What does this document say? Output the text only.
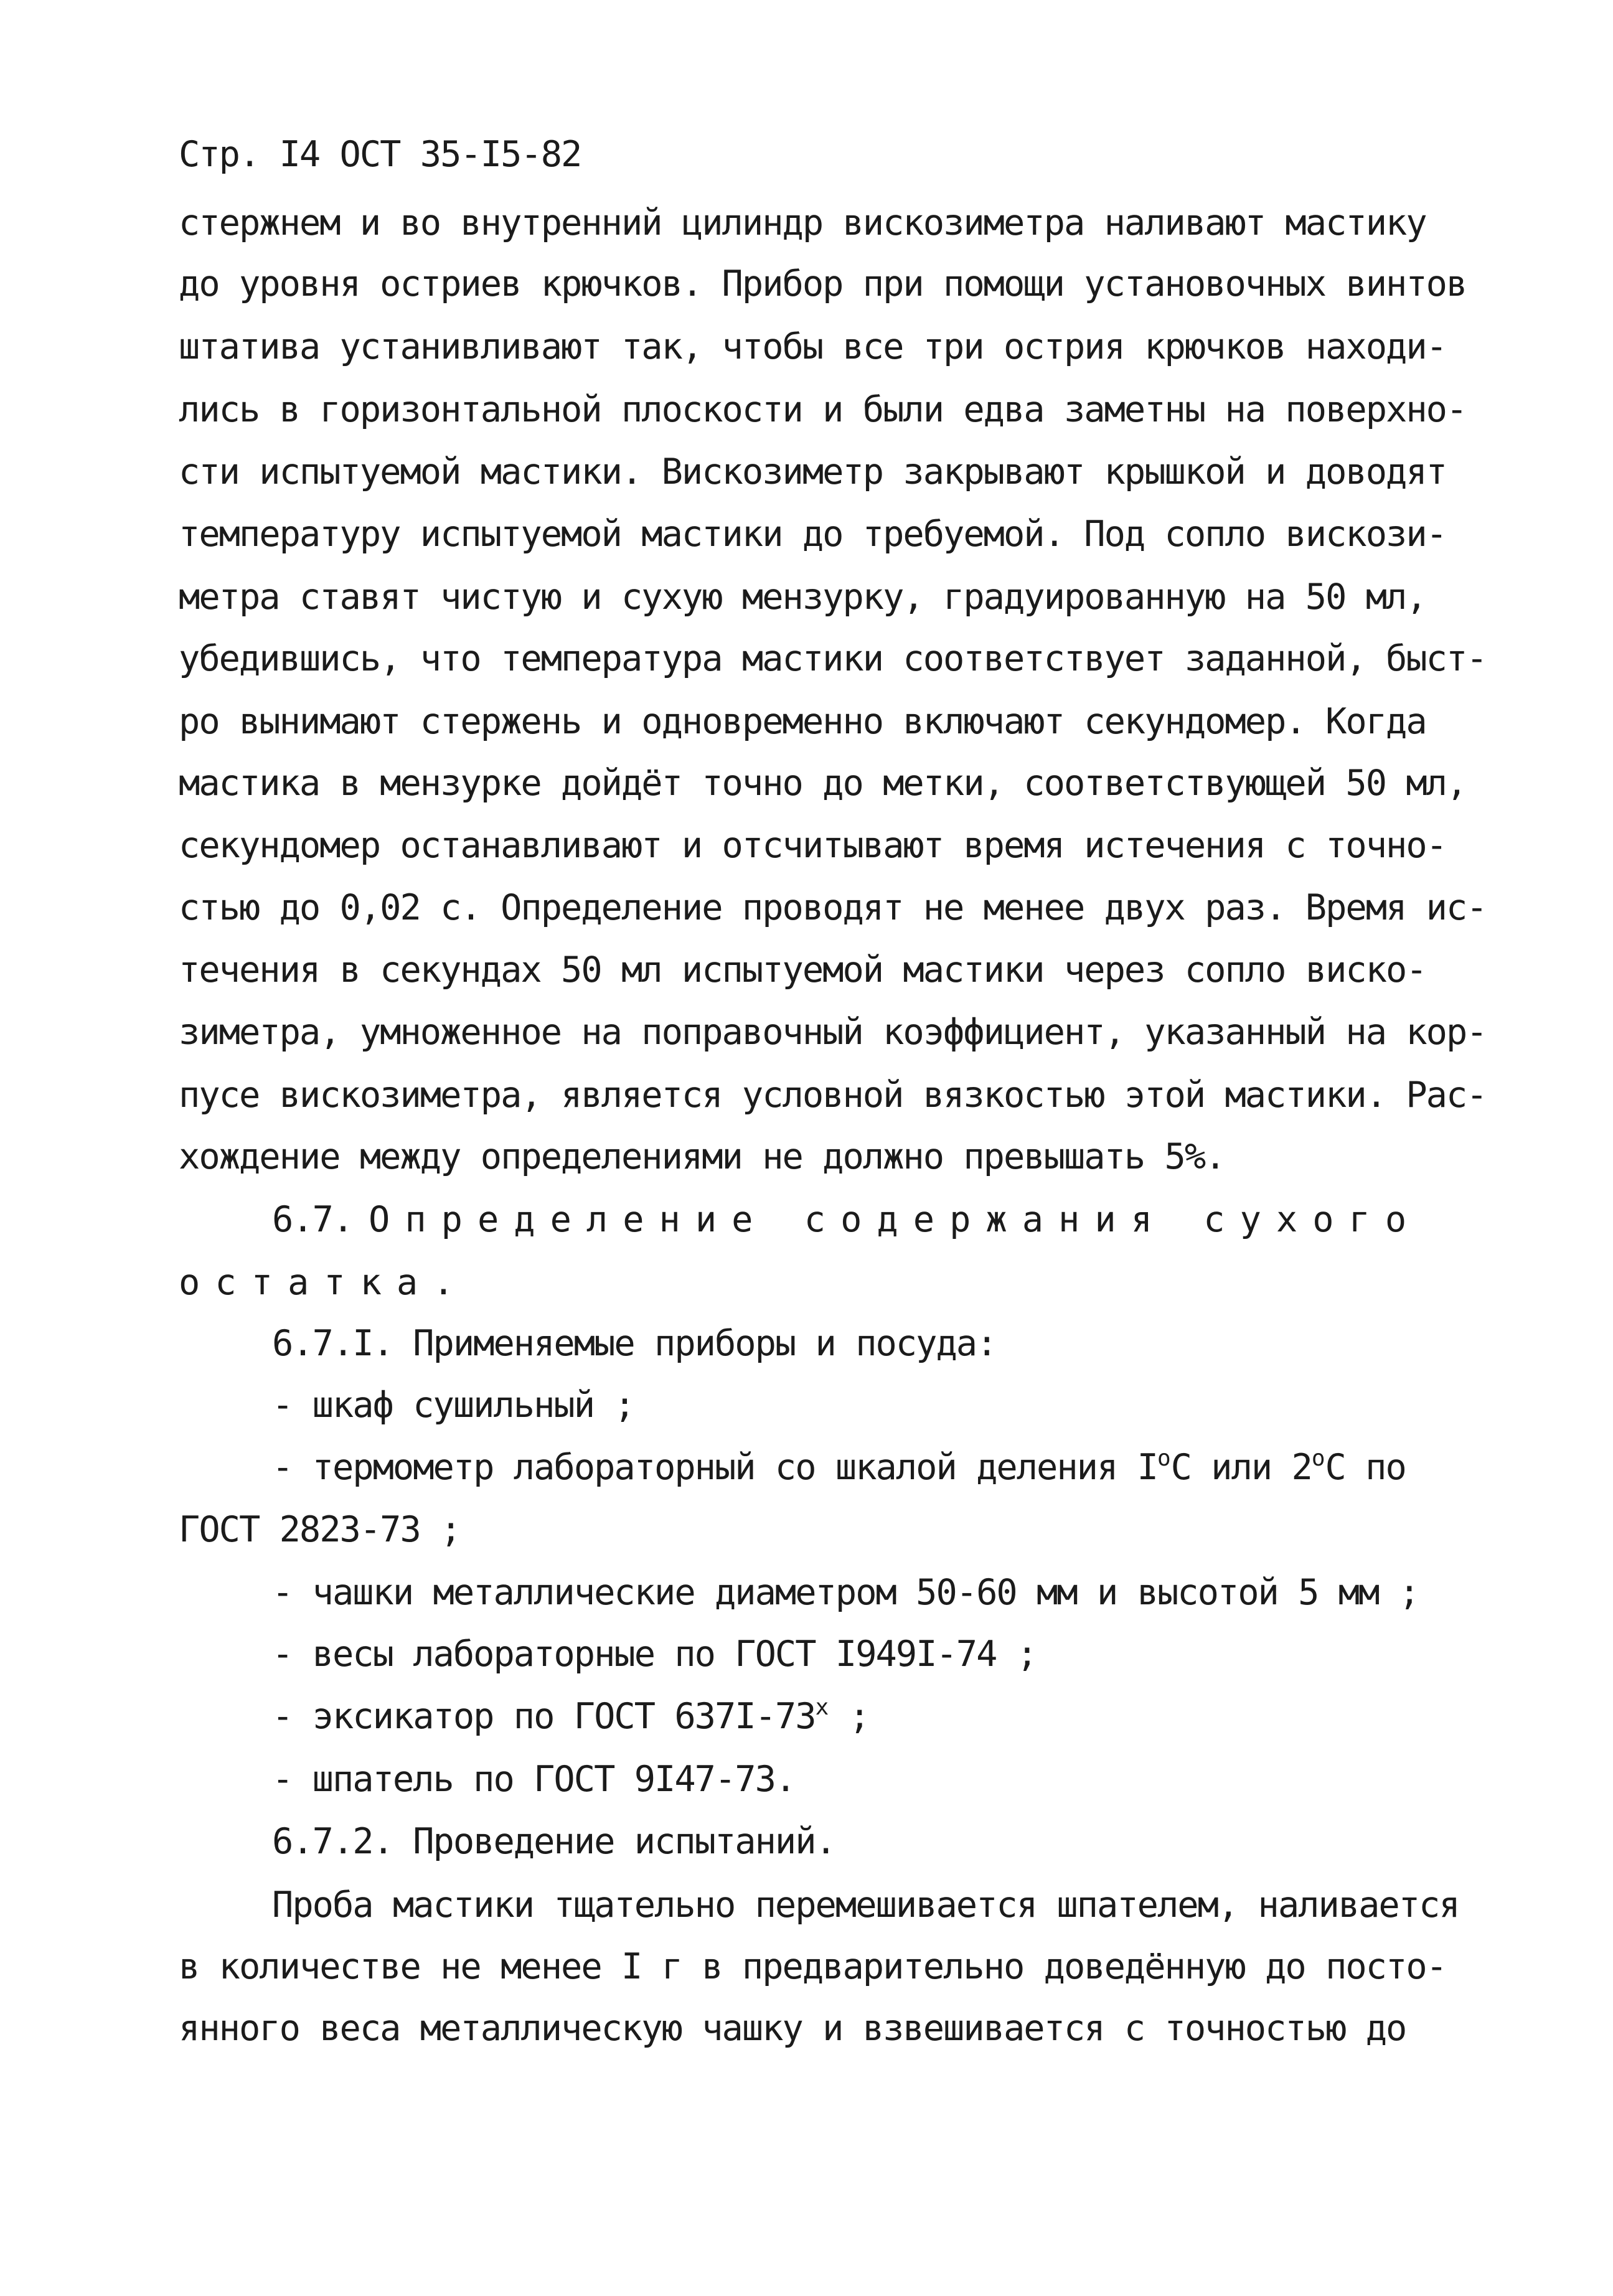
Стр. I4 ОСТ 35-I5-82
стержнем и во внутренний цилиндр вискозиметра наливают мастику
до уровня остриев крючков. Прибор при помощи установочных винтов
штатива устанивливают так, чтобы все три острия крючков находи-
лись в горизонтальной плоскости и были едва заметны на поверхно-
сти испытуемой мастики. Вискозиметр закрывают крышкой и доводят
температуру испытуемой мастики до требуемой. Под сопло вискози-
метра ставят чистую и сухую мензурку, градуированную на 50 мл,
убедившись, что температура мастики соответствует заданной, быст-
ро вынимают стержень и одновременно включают секундомер. Когда
мастика в мензурке дойдёт точно до метки, соответствующей 50 мл,
секундомер останавливают и отсчитывают время истечения с точно-
стью до 0,02 с. Определение проводят не менее двух раз. Время ис-
течения в секундах 50 мл испытуемой мастики через сопло виско-
зиметра, умноженное на поправочный коэффициент, указанный на кор-
пусе вискозиметра, является условной вязкостью этой мастики. Рас-
хождение между определениями не должно превышать 5%.
6.7. Определение содержания сухого
остатка.
6.7.I. Применяемые приборы и посуда:
- шкаф сушильный ;
- термометр лабораторный со шкалой деления $I^оС$ или $2^оС$ по
ГОСТ 2823-73 ;
- чашки металлические диаметром 50-60 мм и высотой 5 мм ;
- весы лабораторные по ГОСТ I949I-74 ;
- эксикатор по ГОСТ $637I-73^х$ ;
- шпатель по ГОСТ 9I47-73.
6.7.2. Проведение испытаний.
Проба мастики тщательно перемешивается шпателем, наливается
в количестве не менее I г в предварительно доведённую до посто-
янного веса металлическую чашку и взвешивается с точностью до
